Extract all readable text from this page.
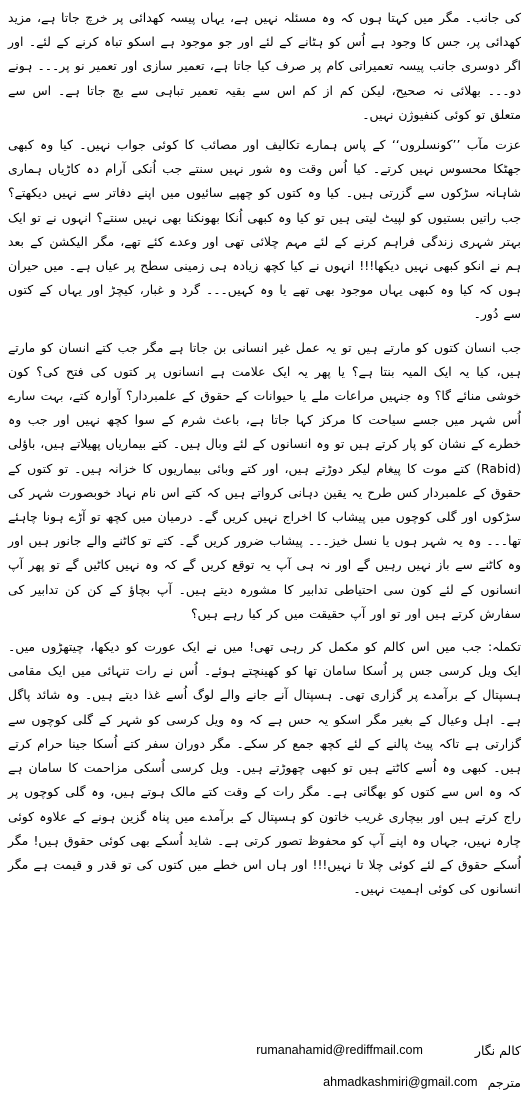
کی جانب۔ مگر میں کہتا ہوں کہ وہ مسئلہ نہیں ہے، یہاں پیسہ کھدائی پر خرچ جاتا ہے، مزید کھدائی پر، جس کا وجود ہے اُس کو ہٹانے کے لئے اور جو موجود ہے اسکو تباہ کرنے کے لئے۔ اور اگر دوسری جانب پیسہ تعمیراتی کام پر صرف کیا جاتا ہے، تعمیر سازی اور تعمیر نو پر۔۔۔ ہونے دو۔۔۔ بھلائی نہ صحیح، لیکن کم از کم اس سے بقیہ تعمیر تباہی سے بچ جاتا ہے۔ اس سے متعلق تو کوئی کنفیوژن نہیں۔

عزت مآب ’’کونسلروں‘‘ کے پاس ہمارے تکالیف اور مصائب کا کوئی جواب نہیں۔ کیا وہ کبھی جھٹکا محسوس نہیں کرتے۔ کیا اُس وقت وہ شور نہیں سنتے جب اُنکی آرام دہ کاڑیاں ہماری شاہانہ سڑکوں سے گزرتی ہیں۔ کیا وہ کتوں کو چھپے سائیوں میں اپنے دفاتر سے نہیں دیکھتے؟ جب راتیں بستیوں کو لپیٹ لیتی ہیں تو کیا وہ کبھی اُنکا بھونکنا بھی نہیں سنتے؟ انہوں نے تو ایک بہتر شہری زندگی فراہم کرنے کے لئے مہم چلائی تھی اور وعدے کئے تھے، مگر الیکشن کے بعد ہم نے انکو کبھی نہیں دیکھا!!! انہوں نے کیا کچھ زیادہ ہی زمینی سطح پر عیاں ہے۔ میں حیران ہوں کہ کیا وہ کبھی یہاں موجود بھی تھے یا وہ کہیں۔۔۔ گرد و غبار، کیچڑ اور یہاں کے کتوں سے دُور۔

جب انسان کتوں کو مارتے ہیں تو یہ عمل غیر انسانی بن جاتا ہے مگر جب کتے انسان کو مارتے ہیں، کیا یہ ایک المیہ بنتا ہے؟ یا پھر یہ ایک علامت ہے انسانوں پر کتوں کی فتح کی؟ کون خوشی منائے گا؟ وہ جنہیں مراعات ملے یا حیوانات کے حقوق کے علمبردار؟ آوارہ کتے، بہت سارے اُس شہر میں جسے سیاحت کا مرکز کہا جاتا ہے، باعث شرم کے سوا کچھ نہیں اور جب وہ خطرے کے نشان کو پار کرتے ہیں تو وہ انسانوں کے لئے وبال ہیں۔ کتے بیماریاں پھیلاتے ہیں، باؤلی (Rabid) کتے موت کا پیغام لیکر دوڑتے ہیں، اور کتے وبائی بیماریوں کا خزانہ ہیں۔ تو کتوں کے حقوق کے علمبردار کس طرح یہ یقین دہانی کرواتے ہیں کہ کتے اس نام نہاد خوبصورت شہر کی سڑکوں اور گلی کوچوں میں پیشاب کا اخراج نہیں کریں گے۔ درمیان میں کچھ تو آڑے ہونا چاہئے تھا۔۔۔ وہ یہ شہر ہوں یا نسل خیز۔۔۔ پیشاب ضرور کریں گے۔ کتے تو کاٹنے والے جانور ہیں اور وہ کاٹنے سے باز نہیں رہیں گے اور نہ ہی آپ یہ توقع کریں گے کہ وہ نہیں کاٹیں گے تو پھر آپ انسانوں کے لئے کون سی احتیاطی تدابیر کا مشورہ دیتے ہیں۔ آپ بچاؤ کے کن کن تدابیر کی سفارش کرتے ہیں اور تو اور آپ حقیقت میں کر کیا رہے ہیں؟

تکملہ: جب میں اس کالم کو مکمل کر رہی تھی! میں نے ایک عورت کو دیکھا، چیتھڑوں میں۔ ایک ویل کرسی جس پر اُسکا سامان تھا کو کھینچتے ہوئے۔ اُس نے رات تنہائی میں ایک مقامی ہسپتال کے برآمدے پر گزاری تھی۔ ہسپتال آنے جانے والے لوگ اُسے غذا دیتے ہیں۔ وہ شائد پاگل ہے۔ اہل وعیال کے بغیر مگر اسکو یہ حس ہے کہ وہ ویل کرسی کو شہر کے گلی کوچوں سے گزارتی ہے تاکہ پیٹ پالنے کے لئے کچھ جمع کر سکے۔ مگر دوران سفر کتے اُسکا جینا حرام کرتے ہیں۔ کبھی وہ اُسے کاٹتے ہیں تو کبھی چھوڑتے ہیں۔ ویل کرسی اُسکی مزاحمت کا سامان ہے کہ وہ اس سے کتوں کو بھگاتی ہے۔ مگر رات کے وقت کتے مالک ہوتے ہیں، وہ گلی کوچوں پر راج کرتے ہیں اور بیچاری غریب خاتون کو ہسپتال کے برآمدے میں پناہ گزین ہونے کے علاوہ کوئی چارہ نہیں، جہاں وہ اپنے آپ کو محفوظ تصور کرتی ہے۔ شاید اُسکے بھی کوئی حقوق ہیں! مگر اُسکے حقوق کے لئے کوئی چلا تا نہیں!!! اور ہاں اس خطے میں کتوں کی تو قدر و قیمت ہے مگر انسانوں کی کوئی اہمیت نہیں۔

کالم نگار
rumanahamid@rediffmail.com
مترجم
ahmadkashmiri@gmail.com
